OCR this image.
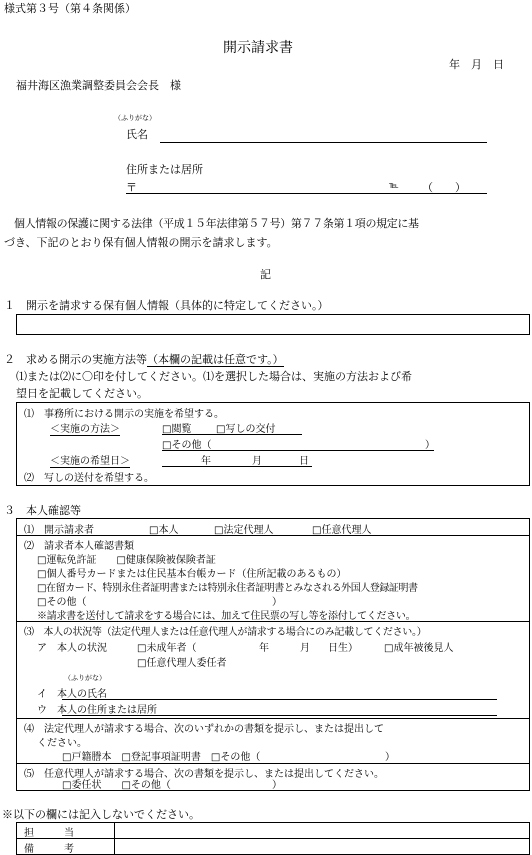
様式第３号（第４条関係）
開示請求書
年　月　日
福井海区漁業調整委員会会長　様
（ふりがな）
氏名
住所または居所
〒	℡ （　　）
個人情報の保護に関する法律（平成１５年法律第５７号）第７７条第１項の規定に基
づき、下記のとおり保有個人情報の開示を請求します。
記
１　開示を請求する保有個人情報（具体的に特定してください。）
２　求める開示の実施方法等（本欄の記載は任意です。）
⑴または⑵に〇印を付してください。⑴を選択した場合は、実施の方法および希
望日を記載してください。
⑴　事務所における開示の実施を希望する。
＜実施の方法＞	□閲覧 □写しの交付
□その他（	）
＜実施の希望日＞	年	月	日
⑵　写しの送付を希望する。
３　本人確認等
⑴　開示請求者	□本人	□法定代理人	□任意代理人
⑵　請求者本人確認書類
□運転免許証　　□健康保険被保険者証
□個人番号カードまたは住民基本台帳カード（住所記載のあるもの）
□在留カード、特別永住者証明書または特別永住者証明書とみなされる外国人登録証明書
□その他（	）
※請求書を送付して請求をする場合には、加えて住民票の写し等を添付してください。
⑶　本人の状況等（法定代理人または任意代理人が請求する場合にのみ記載してください。）
ア　本人の状況	□未成年者（	年	月 日生）	□成年被後見人
□任意代理人委任者
（ふりがな）
イ　本人の氏名
ウ　本人の住所または居所
⑷　法定代理人が請求する場合、次のいずれかの書類を提示し、または提出して
ください。
□戸籍謄本　□登記事項証明書　□その他（	）
⑸　任意代理人が請求する場合、次の書類を提示し、または提出してください。
□委任状　　□その他（	）
※以下の欄には記入しないでください。
担　　　当
備　　　考
